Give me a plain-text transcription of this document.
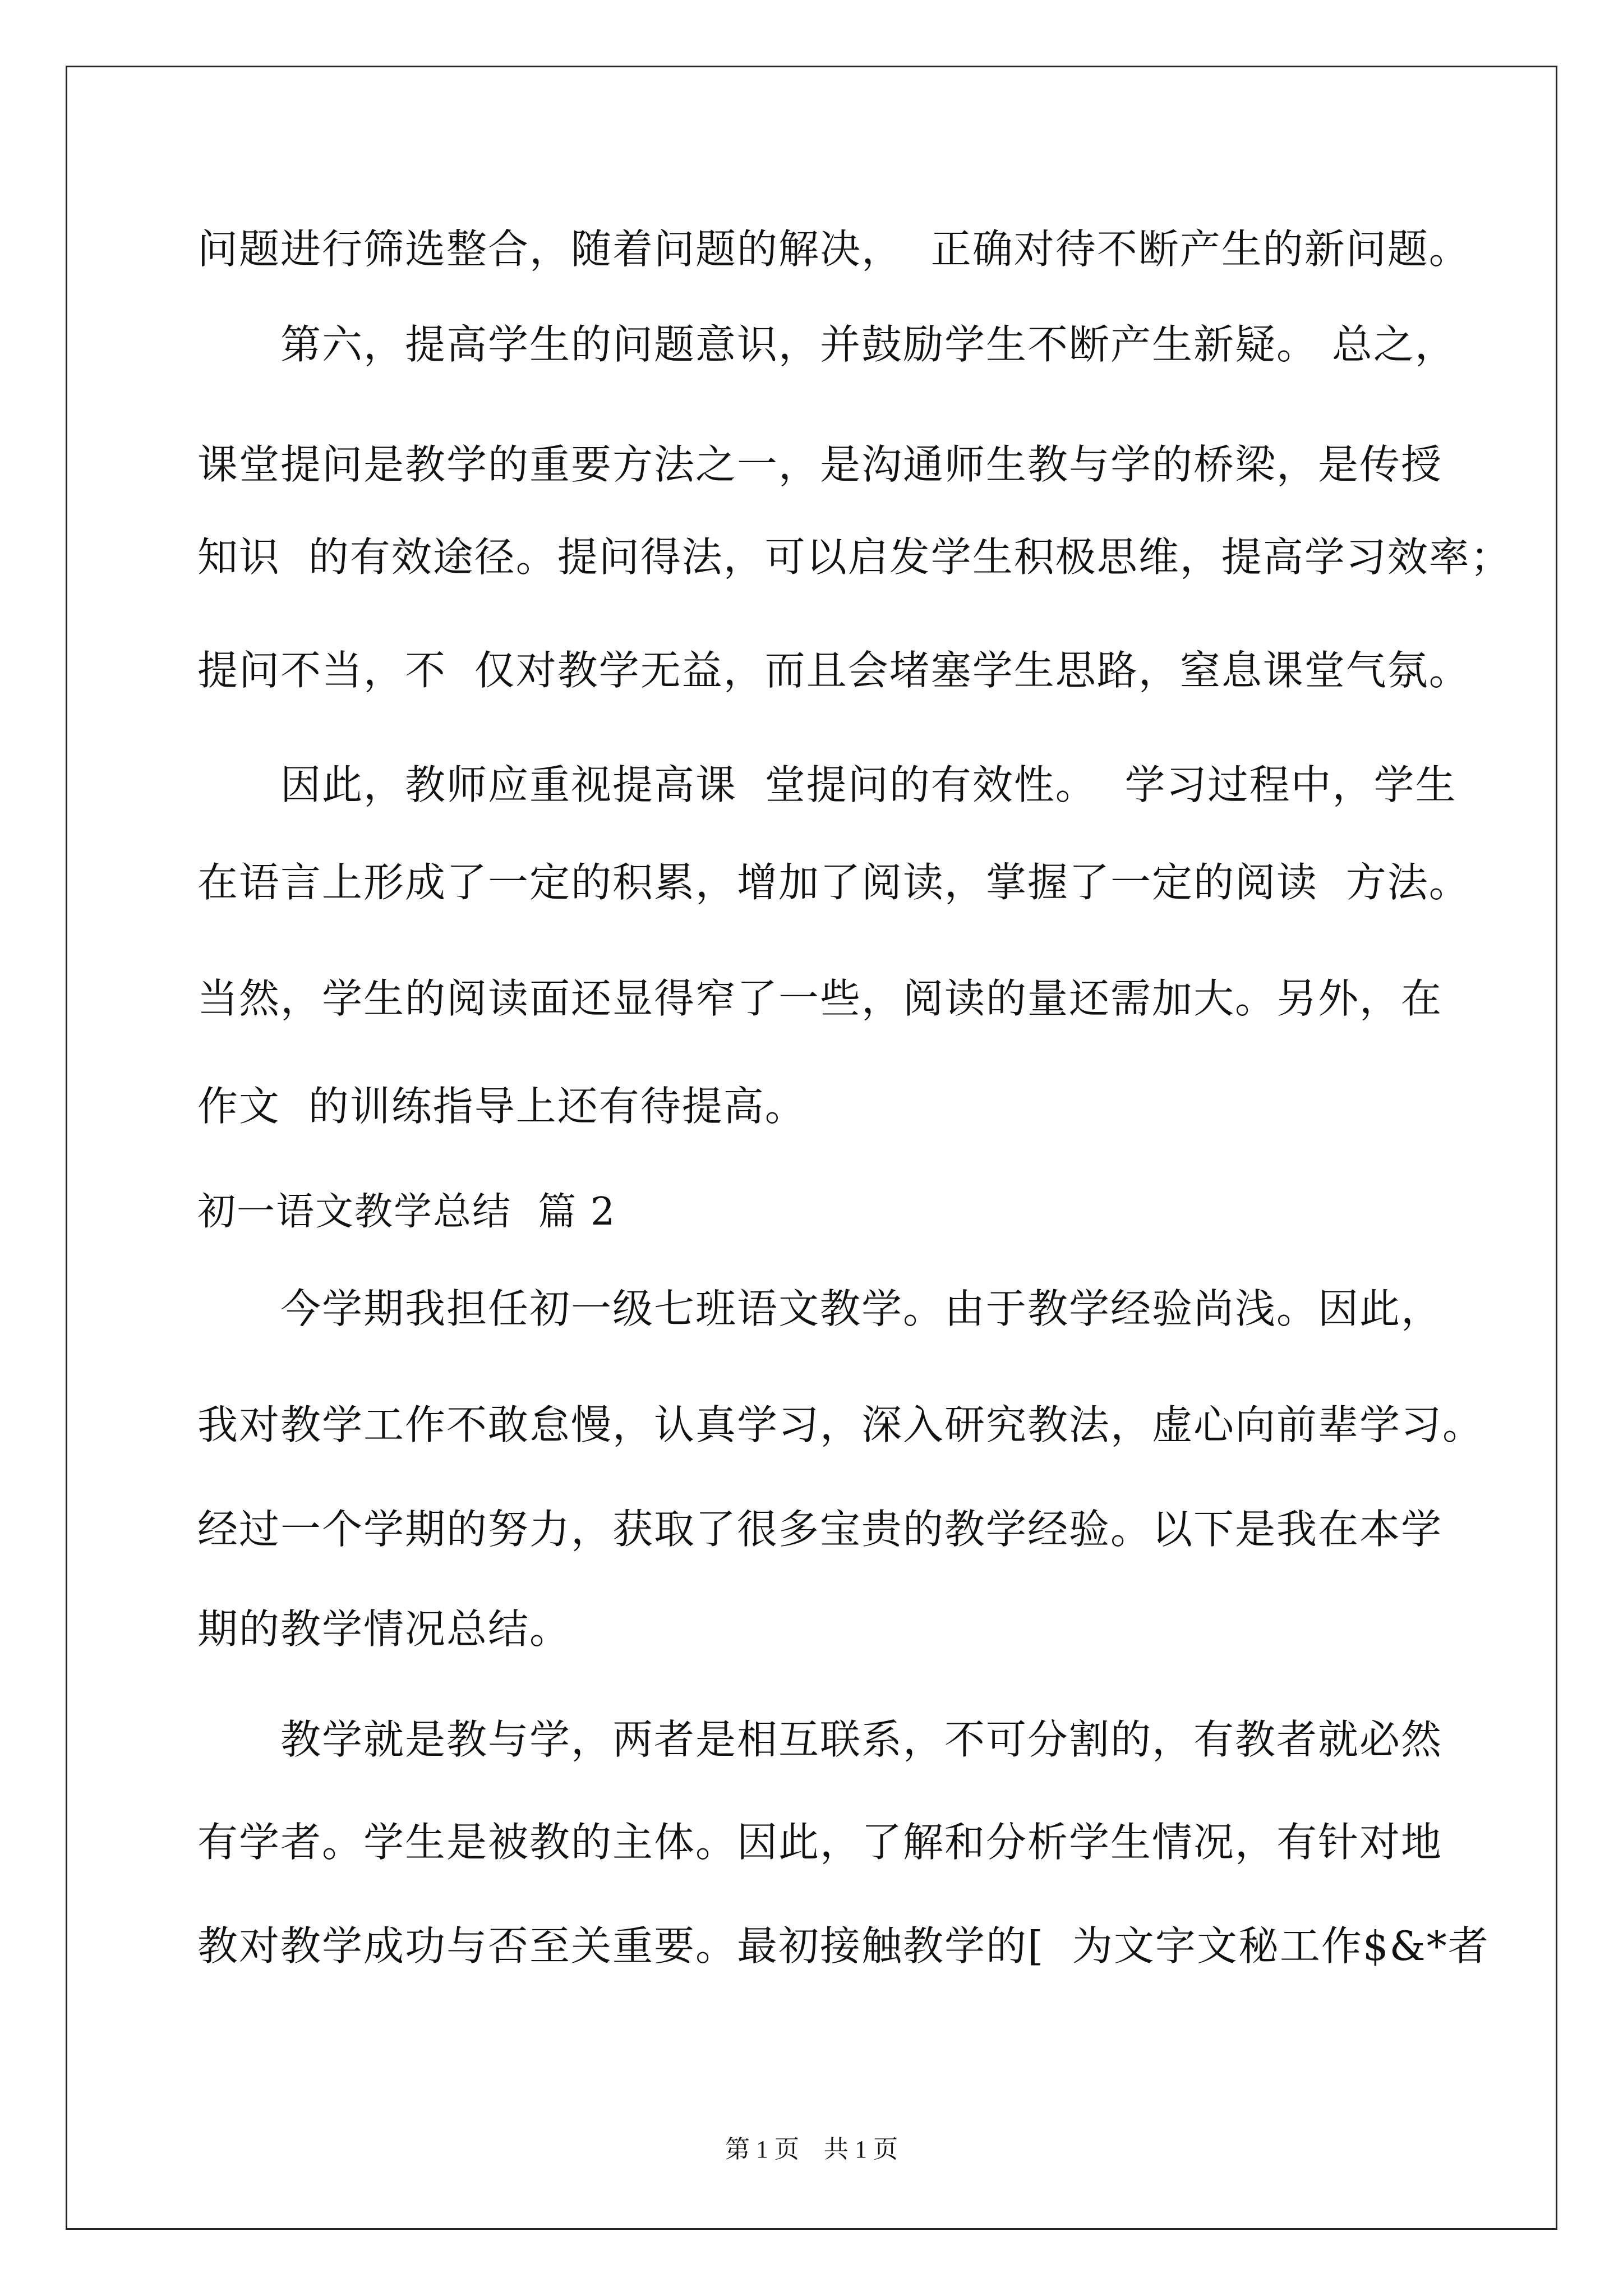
问题进行筛选整合，随着问题的解决，  正确对待不断产生的新问题。
第六，提高学生的问题意识，并鼓励学生不断产生新疑。 总之，
课堂提问是教学的重要方法之一，是沟通师生教与学的桥梁，是传授
知识  的有效途径。提问得法，可以启发学生积极思维，提高学习效率；
提问不当，不  仅对教学无益，而且会堵塞学生思路，窒息课堂气氛。
因此，教师应重视提高课  堂提问的有效性。  学习过程中，学生
在语言上形成了一定的积累，增加了阅读，掌握了一定的阅读  方法。
当然，学生的阅读面还显得窄了一些，阅读的量还需加大。另外，在
作文  的训练指导上还有待提高。
初一语文教学总结  篇 2
今学期我担任初一级七班语文教学。由于教学经验尚浅。因此，
我对教学工作不敢怠慢，认真学习，深入研究教法，虚心向前辈学习。
经过一个学期的努力，获取了很多宝贵的教学经验。以下是我在本学
期的教学情况总结。
教学就是教与学，两者是相互联系，不可分割的，有教者就必然
有学者。学生是被教的主体。因此，了解和分析学生情况，有针对地
教对教学成功与否至关重要。最初接触教学的[  为文字文秘工作$&*者
第 1 页    共 1 页
